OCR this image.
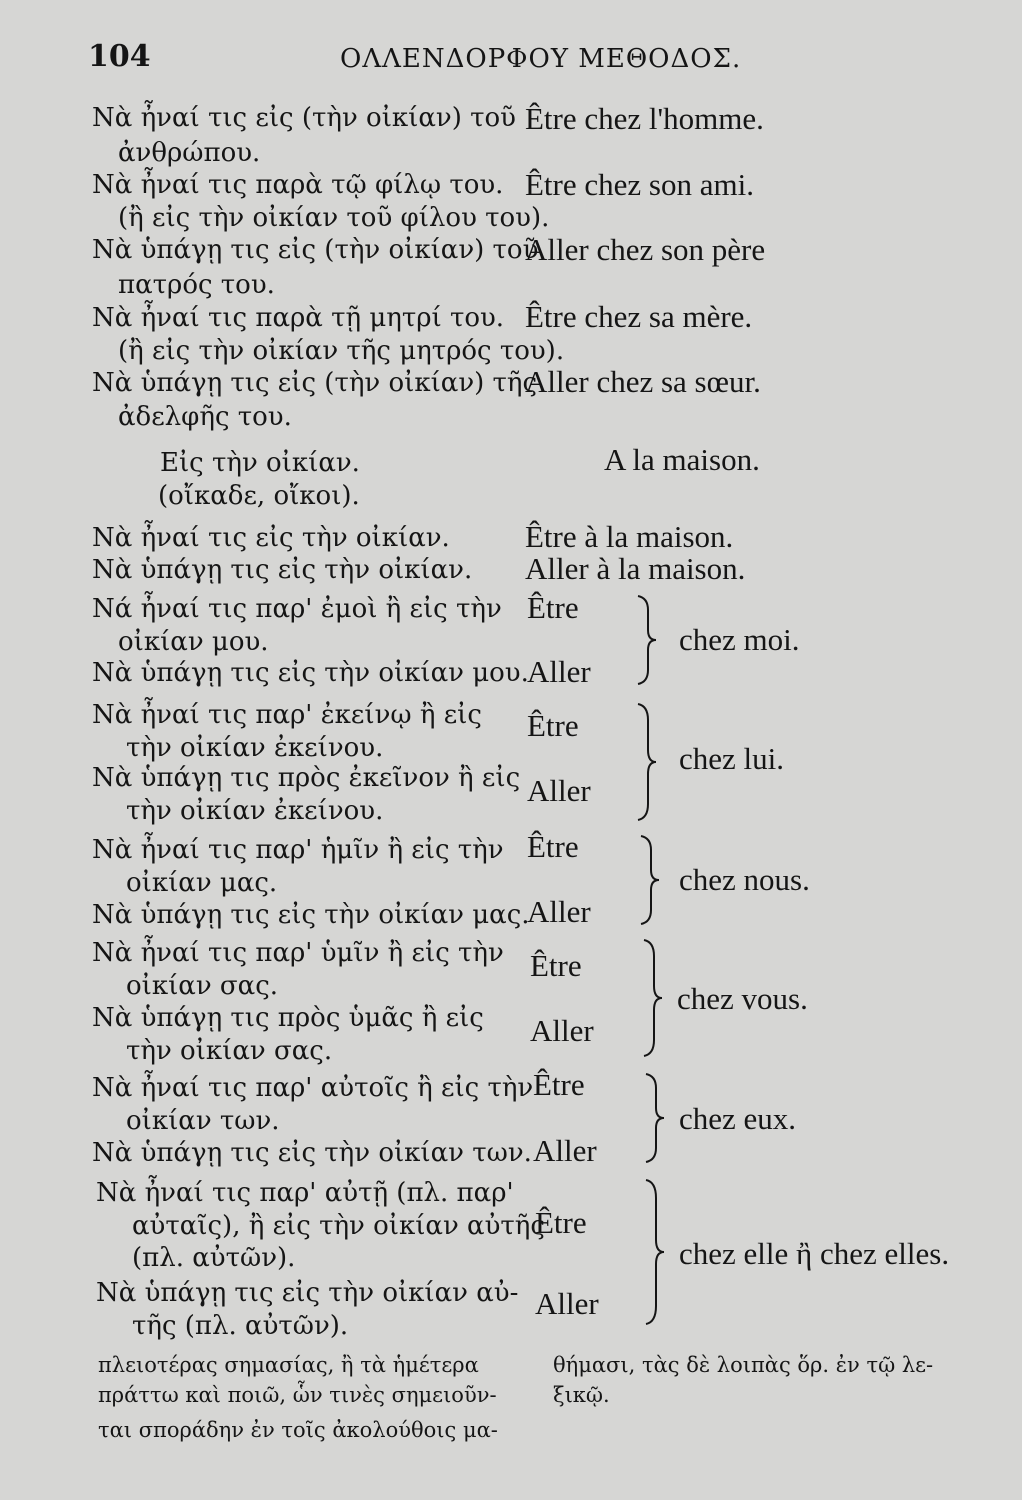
104	ΟΛΛΕΝΔΟΡΦΟΥ ΜΕΘΟΔΟΣ.
Νὰ ἦναί τις εἰς (τὴν οἰκίαν) τοῦ
ἀνθρώπου.
Être chez l'homme.
Νὰ ἦναί τις παρὰ τῷ φίλῳ του.
(ἢ εἰς τὴν οἰκίαν τοῦ φίλου του).
Être chez son ami.
Νὰ ὑπάγῃ τις εἰς (τὴν οἰκίαν) τοῦ
πατρός του.
Aller chez son père
Νὰ ἦναί τις παρὰ τῇ μητρί του.
(ἢ εἰς τὴν οἰκίαν τῆς μητρός του).
Être chez sa mère.
Νὰ ὑπάγῃ τις εἰς (τὴν οἰκίαν) τῆς
ἀδελφῆς του.
Aller chez sa sœur.
Εἰς τὴν οἰκίαν.
(οἴκαδε, οἴκοι).
A la maison.
Νὰ ἦναί τις εἰς τὴν οἰκίαν. Être à la maison.
Νὰ ὑπάγῃ τις εἰς τὴν οἰκίαν. Aller à la maison.
Νά ἦναί τις παρ' ἐμοὶ ἢ εἰς τὴν
οἰκίαν μου.
Νὰ ὑπάγῃ τις εἰς τὴν οἰκίαν μου.
Être
Aller
chez moi.
Νὰ ἦναί τις παρ' ἐκείνῳ ἢ εἰς
τὴν οἰκίαν ἐκείνου.
Νὰ ὑπάγῃ τις πρὸς ἐκεῖνον ἢ εἰς
τὴν οἰκίαν ἐκείνου.
Être
Aller
chez lui.
Νὰ ἦναί τις παρ' ἡμῖν ἢ εἰς τὴν
οἰκίαν μας.
Νὰ ὑπάγῃ τις εἰς τὴν οἰκίαν μας.
Être
Aller
chez nous.
Νὰ ἦναί τις παρ' ὑμῖν ἢ εἰς τὴν
οἰκίαν σας.
Νὰ ὑπάγῃ τις πρὸς ὑμᾶς ἢ εἰς
τὴν οἰκίαν σας.
Être
Aller
chez vous.
Νὰ ἦναί τις παρ' αὐτοῖς ἢ εἰς τὴν
οἰκίαν των.
Νὰ ὑπάγῃ τις εἰς τὴν οἰκίαν των.
Être
Aller
chez eux.
Νὰ ἦναί τις παρ' αὐτῇ (πλ. παρ'
αὐταῖς), ἢ εἰς τὴν οἰκίαν αὐτῆς
(πλ. αὐτῶν).
Νὰ ὑπάγῃ τις εἰς τὴν οἰκίαν αὐ-
τῆς (πλ. αὐτῶν).
Être
Aller
chez elle ἢ chez elles.
πλειοτέρας σημασίας, ἢ τὰ ἡμέτερα
πράττω καὶ ποιῶ, ὧν τινὲς σημειοῦν-
ται σποράδην ἐν τοῖς ἀκολούθοις μα-
θήμασι, τὰς δὲ λοιπὰς ὅρ. ἐν τῷ λε-
ξικῷ.
